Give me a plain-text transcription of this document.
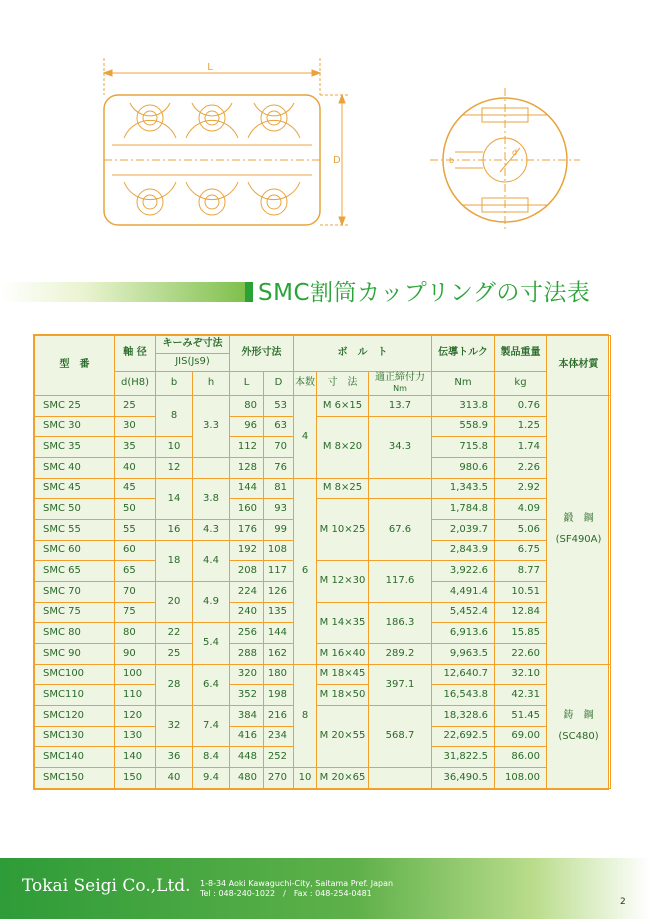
L
D	b
d
SMC割筒カップリングの寸法表
型　番	軸 径	キーみぞ寸法		外形寸法		ボ　ル　ト			伝導トルク	製品重量	本体材質
		JIS(Js9)									
	d(H8)	b	h	L	D	本数	寸　法	適正締付力
Nm	Nm	kg	
SMC 25	25	8	3.3	80	53	4	M 6×15	13.7	313.8	0.76	鍛　鋼

(SF490A)
SMC 30	30			96	63		M 8×20	34.3	558.9	1.25	
SMC 35	35	10		112	70				715.8	1.74	
SMC 40	40	12		128	76				980.6	2.26	
SMC 45	45	14	3.8	144	81	6	M 8×25		1,343.5	2.92	
SMC 50	50			160	93		M 10×25	67.6	1,784.8	4.09	
SMC 55	55	16	4.3	176	99				2,039.7	5.06	
SMC 60	60	18	4.4	192	108				2,843.9	6.75	
SMC 65	65			208	117		M 12×30	117.6	3,922.6	8.77	
SMC 70	70	20	4.9	224	126				4,491.4	10.51	
SMC 75	75			240	135		M 14×35	186.3	5,452.4	12.84	
SMC 80	80	22	5.4	256	144				6,913.6	15.85	
SMC 90	90	25		288	162		M 16×40	289.2	9,963.5	22.60	
SMC100	100	28	6.4	320	180	8	M 18×45	397.1	12,640.7	32.10	鋳　鋼

(SC480)
SMC110	110			352	198		M 18×50		16,543.8	42.31	
SMC120	120	32	7.4	384	216		M 20×55	568.7	18,328.6	51.45	
SMC130	130			416	234				22,692.5	69.00	
SMC140	140	36	8.4	448	252				31,822.5	86.00	
SMC150	150	40	9.4	480	270	10	M 20×65		36,490.5	108.00	
Tokai Seigi Co.,Ltd. 1-8-34 Aoki Kawaguchi-City, Saitama Pref. Japan
Tel : 048-240-1022　/　Fax : 048-254-0481
2
